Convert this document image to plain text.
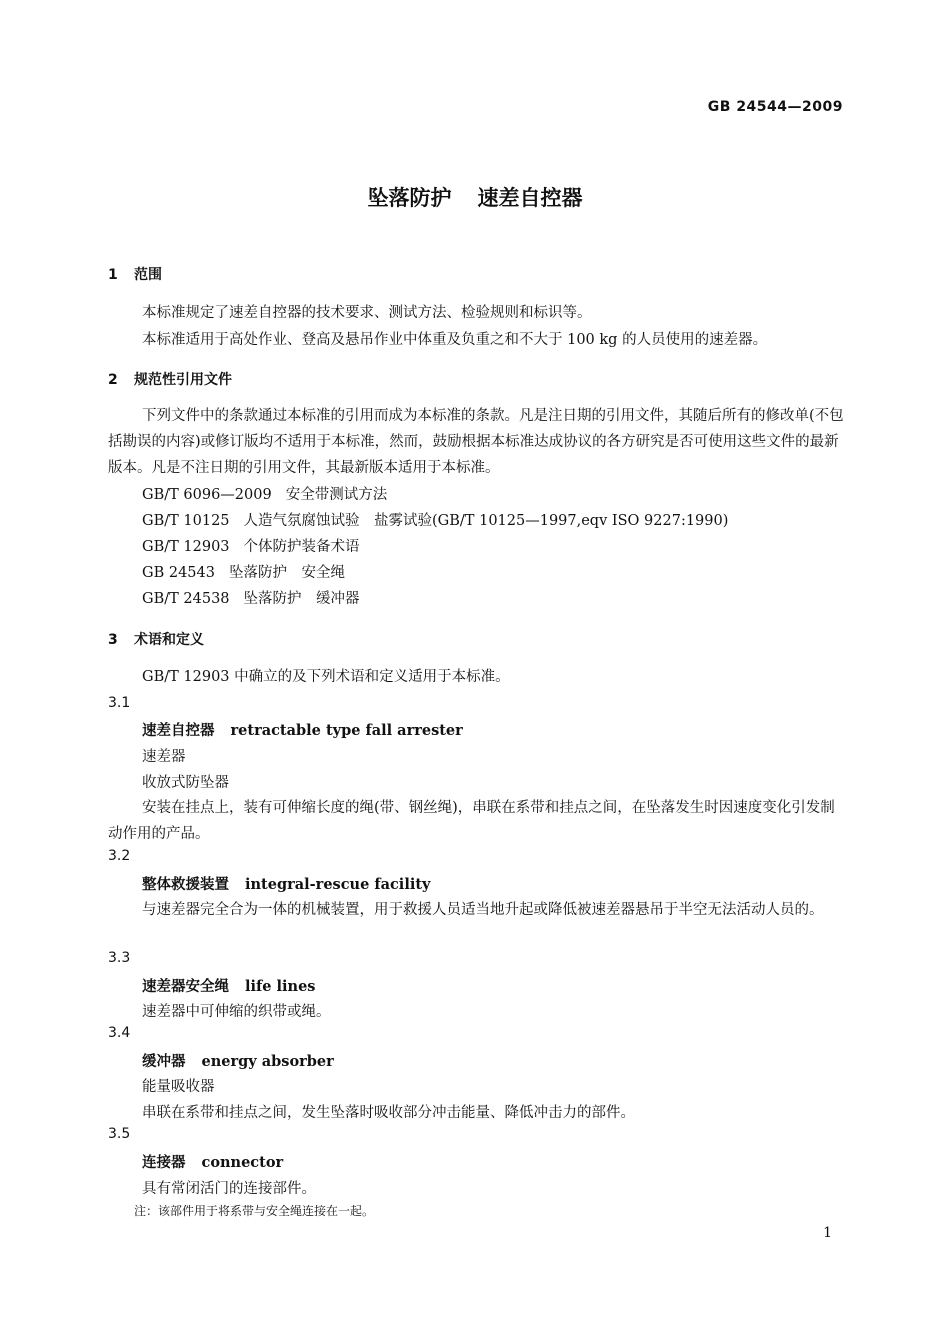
GB 24544—2009
坠落防护 速差自控器
1 范围
本标准规定了速差自控器的技术要求、测试方法、检验规则和标识等。
本标准适用于高处作业、登高及悬吊作业中体重及负重之和不大于 100 kg 的人员使用的速差器。
2 规范性引用文件
下列文件中的条款通过本标准的引用而成为本标准的条款。凡是注日期的引用文件，其随后所有的修改单(不包括勘误的内容)或修订版均不适用于本标准，然而，鼓励根据本标准达成协议的各方研究是否可使用这些文件的最新版本。凡是不注日期的引用文件，其最新版本适用于本标准。
GB/T 6096—2009 安全带测试方法
GB/T 10125 人造气氛腐蚀试验　盐雾试验(GB/T 10125—1997,eqv ISO 9227:1990)
GB/T 12903 个体防护装备术语
GB 24543 坠落防护　安全绳
GB/T 24538 坠落防护　缓冲器
3 术语和定义
GB/T 12903 中确立的及下列术语和定义适用于本标准。
3.1
速差自控器 retractable type fall arrester
速差器
收放式防坠器
安装在挂点上，装有可伸缩长度的绳(带、钢丝绳)，串联在系带和挂点之间，在坠落发生时因速度变化引发制动作用的产品。
3.2
整体救援装置 integral-rescue facility
与速差器完全合为一体的机械装置，用于救援人员适当地升起或降低被速差器悬吊于半空无法活动人员的。
3.3
速差器安全绳 life lines
速差器中可伸缩的织带或绳。
3.4
缓冲器 energy absorber
能量吸收器
串联在系带和挂点之间，发生坠落时吸收部分冲击能量、降低冲击力的部件。
3.5
连接器 connector
具有常闭活门的连接部件。
注：该部件用于将系带与安全绳连接在一起。
1
